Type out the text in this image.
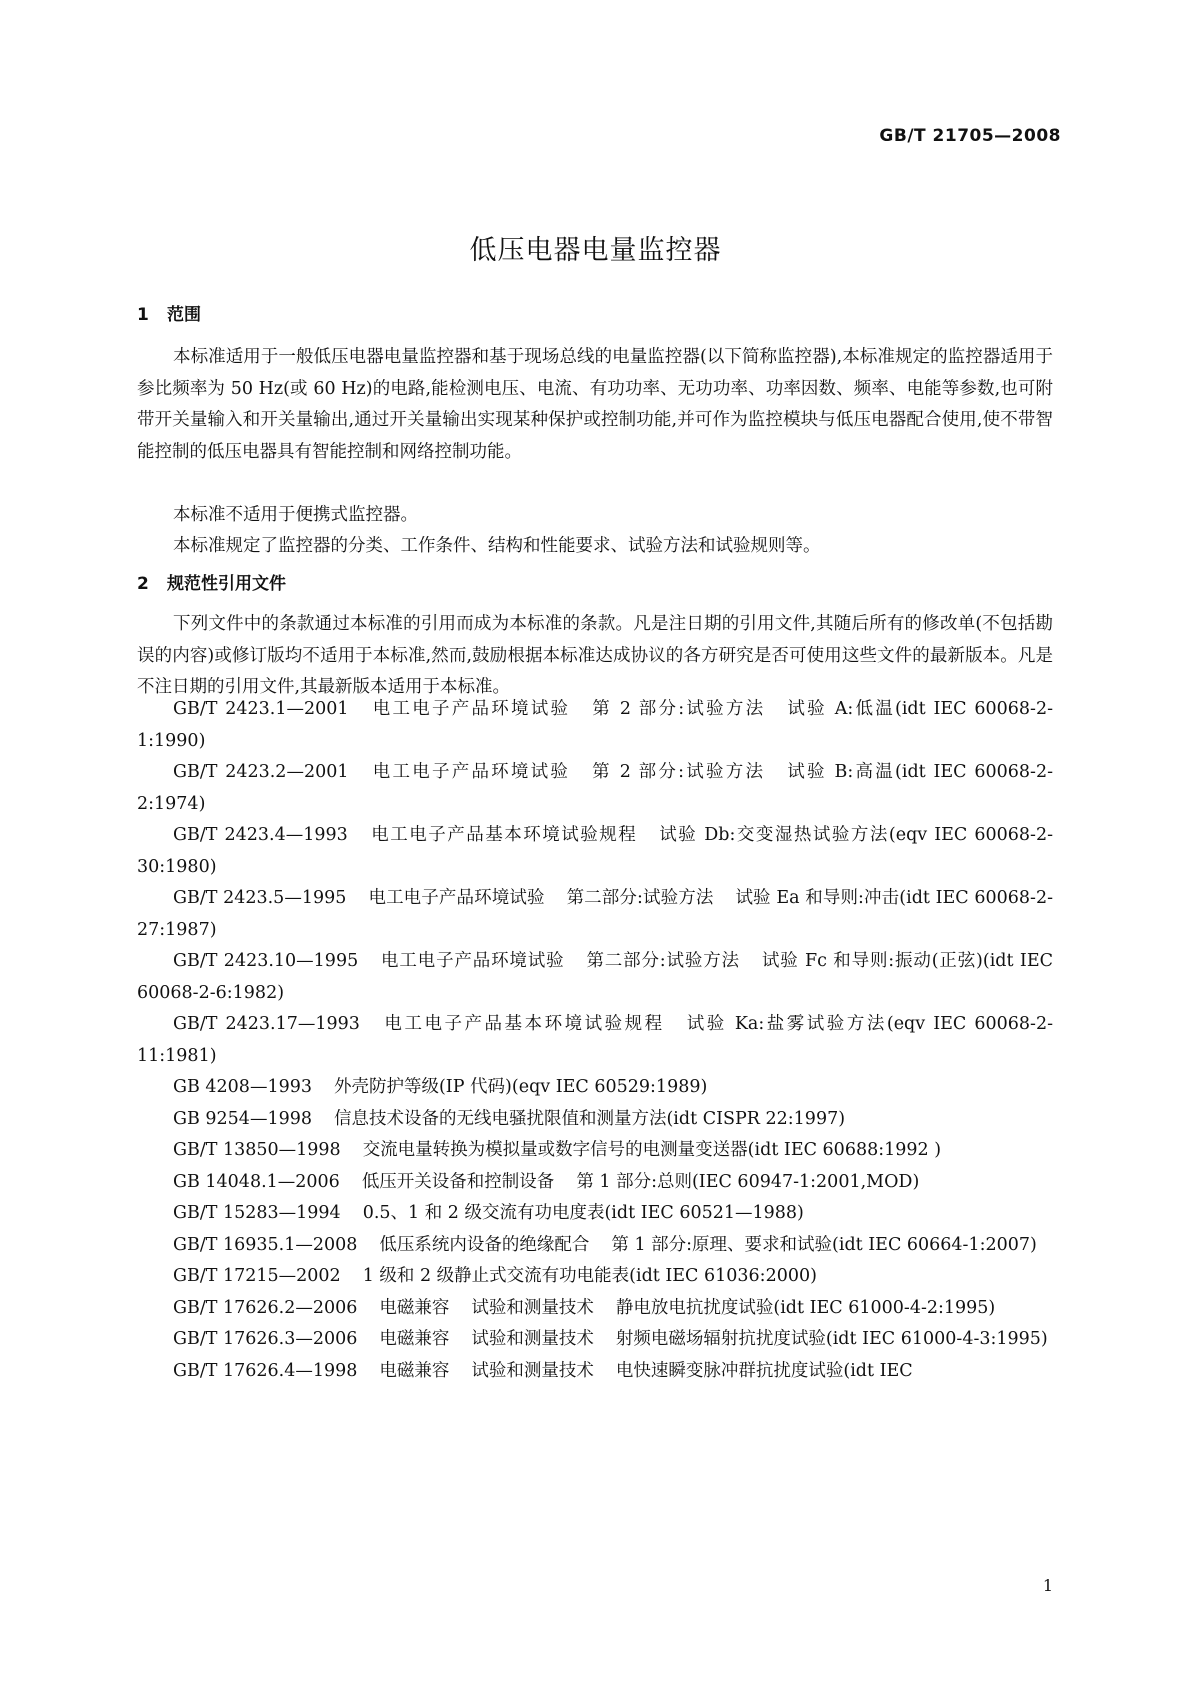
GB/T 21705—2008
低压电器电量监控器
1 范围

本标准适用于一般低压电器电量监控器和基于现场总线的电量监控器(以下简称监控器),本标准规定的监控器适用于参比频率为 50 Hz(或 60 Hz)的电路,能检测电压、电流、有功功率、无功功率、功率因数、频率、电能等参数,也可附带开关量输入和开关量输出,通过开关量输出实现某种保护或控制功能,并可作为监控模块与低压电器配合使用,使不带智能控制的低压电器具有智能控制和网络控制功能。

本标准不适用于便携式监控器。

本标准规定了监控器的分类、工作条件、结构和性能要求、试验方法和试验规则等。

2 规范性引用文件

下列文件中的条款通过本标准的引用而成为本标准的条款。凡是注日期的引用文件,其随后所有的修改单(不包括勘误的内容)或修订版均不适用于本标准,然而,鼓励根据本标准达成协议的各方研究是否可使用这些文件的最新版本。凡是不注日期的引用文件,其最新版本适用于本标准。

GB/T 2423.1—2001 电工电子产品环境试验 第 2 部分:试验方法 试验 A:低温(idt IEC 60068-2-1:1990)
GB/T 2423.2—2001 电工电子产品环境试验 第 2 部分:试验方法 试验 B:高温(idt IEC 60068-2-2:1974)
GB/T 2423.4—1993 电工电子产品基本环境试验规程 试验 Db:交变湿热试验方法(eqv IEC 60068-2-30:1980)
GB/T 2423.5—1995 电工电子产品环境试验 第二部分:试验方法 试验 Ea 和导则:冲击(idt IEC 60068-2-27:1987)
GB/T 2423.10—1995 电工电子产品环境试验 第二部分:试验方法 试验 Fc 和导则:振动(正弦)(idt IEC 60068-2-6:1982)
GB/T 2423.17—1993 电工电子产品基本环境试验规程 试验 Ka:盐雾试验方法(eqv IEC 60068-2-11:1981)
GB 4208—1993 外壳防护等级(IP 代码)(eqv IEC 60529:1989)
GB 9254—1998 信息技术设备的无线电骚扰限值和测量方法(idt CISPR 22:1997)
GB/T 13850—1998 交流电量转换为模拟量或数字信号的电测量变送器(idt IEC 60688:1992 )
GB 14048.1—2006 低压开关设备和控制设备 第 1 部分:总则(IEC 60947-1:2001,MOD)
GB/T 15283—1994 0.5、1 和 2 级交流有功电度表(idt IEC 60521—1988)
GB/T 16935.1—2008 低压系统内设备的绝缘配合 第 1 部分:原理、要求和试验(idt IEC 60664-1:2007)
GB/T 17215—2002 1 级和 2 级静止式交流有功电能表(idt IEC 61036:2000)
GB/T 17626.2—2006 电磁兼容 试验和测量技术 静电放电抗扰度试验(idt IEC 61000-4-2:1995)
GB/T 17626.3—2006 电磁兼容 试验和测量技术 射频电磁场辐射抗扰度试验(idt IEC 61000-4-3:1995)
GB/T 17626.4—1998 电磁兼容 试验和测量技术 电快速瞬变脉冲群抗扰度试验(idt IEC
1
